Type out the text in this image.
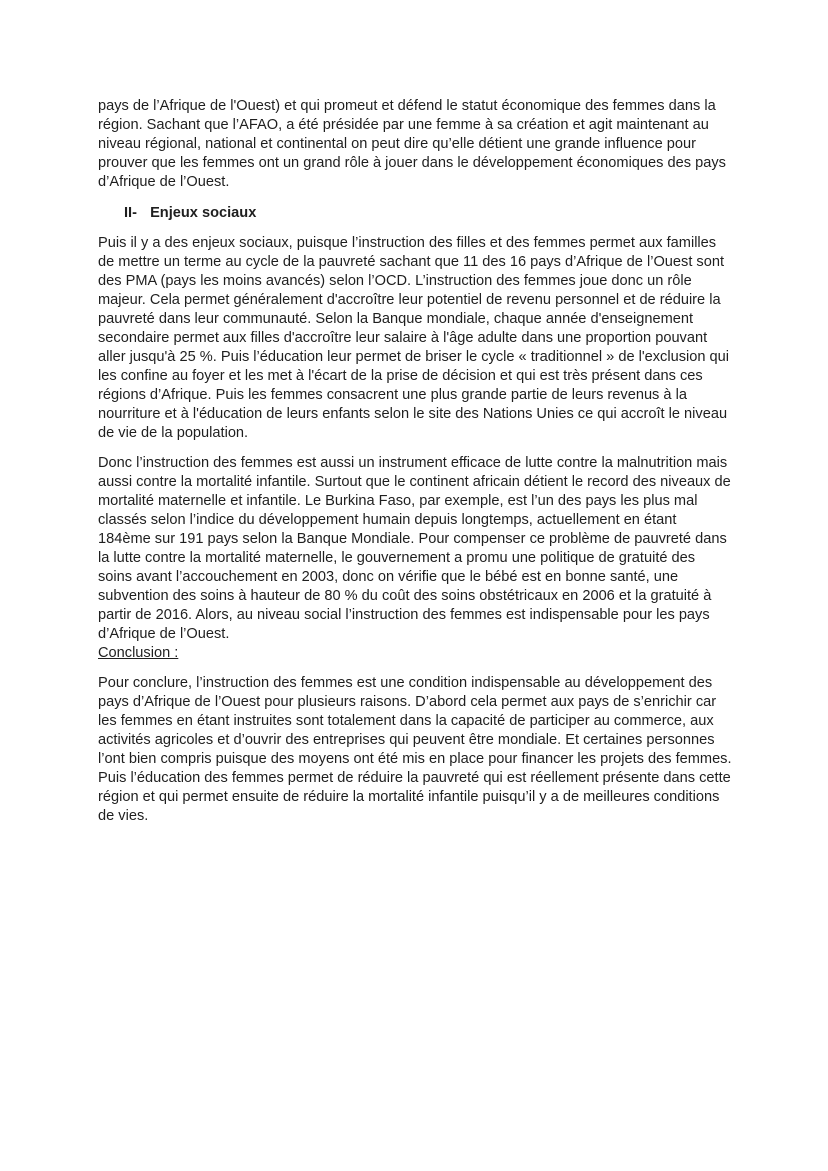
pays de l’Afrique de l'Ouest) et qui promeut et défend le statut économique des femmes dans la région. Sachant que l’AFAO, a été présidée par une femme à sa création et agit maintenant au niveau régional, national et continental on peut dire qu’elle détient une grande influence pour prouver que les femmes ont un grand rôle à jouer dans le développement économiques des pays d’Afrique de l’Ouest.

II- Enjeux sociaux

Puis il y a des enjeux sociaux, puisque l’instruction des filles et des femmes permet aux familles de mettre un terme au cycle de la pauvreté sachant que 11 des 16 pays d’Afrique de l’Ouest sont des PMA (pays les moins avancés) selon l’OCD. L’instruction des femmes joue donc un rôle majeur. Cela permet généralement d'accroître leur potentiel de revenu personnel et de réduire la pauvreté dans leur communauté. Selon la Banque mondiale, chaque année d'enseignement secondaire permet aux filles d'accroître leur salaire à l'âge adulte dans une proportion pouvant aller jusqu'à 25 %. Puis l’éducation leur permet de briser le cycle « traditionnel » de l'exclusion qui les confine au foyer et les met à l'écart de la prise de décision et qui est très présent dans ces régions d’Afrique. Puis les femmes consacrent une plus grande partie de leurs revenus à la nourriture et à l'éducation de leurs enfants selon le site des Nations Unies ce qui accroît le niveau de vie de la population.

Donc l’instruction des femmes est aussi un instrument efficace de lutte contre la malnutrition mais aussi contre la mortalité infantile. Surtout que le continent africain détient le record des niveaux de mortalité maternelle et infantile. Le Burkina Faso, par exemple, est l’un des pays les plus mal classés selon l’indice du développement humain depuis longtemps, actuellement en étant 184ème sur 191 pays selon la Banque Mondiale. Pour compenser ce problème de pauvreté dans la lutte contre la mortalité maternelle, le gouvernement a promu une politique de gratuité des soins avant l’accouchement en 2003, donc on vérifie que le bébé est en bonne santé, une subvention des soins à hauteur de 80 % du coût des soins obstétricaux en 2006 et la gratuité à partir de 2016. Alors, au niveau social l’instruction des femmes est indispensable pour les pays d’Afrique de l’Ouest.

Conclusion :

Pour conclure, l’instruction des femmes est une condition indispensable au développement des pays d’Afrique de l’Ouest pour plusieurs raisons. D’abord cela permet aux pays de s’enrichir car les femmes en étant instruites sont totalement dans la capacité de participer au commerce, aux activités agricoles et d’ouvrir des entreprises qui peuvent être mondiale. Et certaines personnes l’ont bien compris puisque des moyens ont été mis en place pour financer les projets des femmes. Puis l’éducation des femmes permet de réduire la pauvreté qui est réellement présente dans cette région et qui permet ensuite de réduire la mortalité infantile puisqu’il y a de meilleures conditions de vies.
